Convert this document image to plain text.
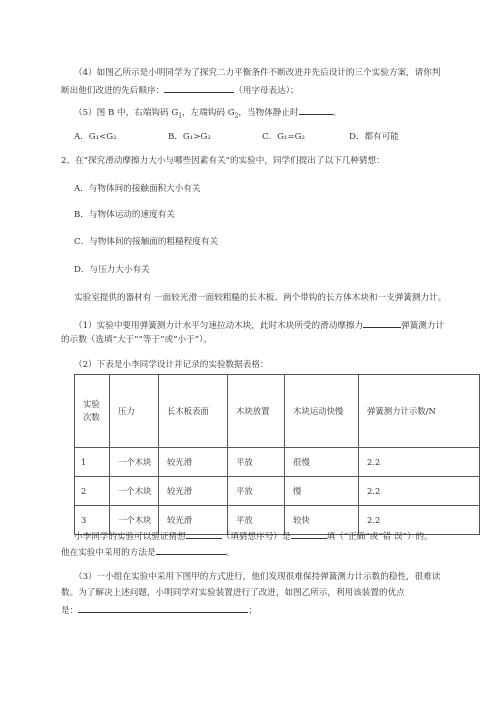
（4）如图乙所示是小明同学为了探究二力平衡条件不断改进并先后设计的三个实验方案，请你判
断出他们改进的先后顺序：	（用字母表达）；
（5）图 B 中，右端钩码 $G_1$，左端钩码 $G_2$，当物体静止时	。
A．G₁<G₂	B．G₁>G₂	C．G₁=G₂	D．都有可能
2、在“探究滑动摩擦力大小与哪些因素有关”的实验中，同学们提出了以下几种猜想：
A．与物体间的接触面积大小有关
B．与物体运动的速度有关
C．与物体间的接触面的粗糙程度有关
D．与压力大小有关
实验室提供的器材有 一面较光滑一面较粗糙的长木板、两个带钩的长方体木块和一支弹簧测力计。
（1）实验中要用弹簧测力计水平匀速拉动木块，此时木块所受的滑动摩擦力	弹簧测力计
的示数（选填“大于”“等于”或“小于”）。
（2）下表是小李同学设计并记录的实验数据表格：
实验
次数	压力	长木板表面	木块放置	木块运动快慢	弹簧测力计示数/N
1	一个木块	较光滑	平放	很慢	2.2
2	一个木块	较光滑	平放	慢	2.2
3	一个木块	较光滑	平放	较快	2.2
小李同学的实验可以验证猜想	（填猜想序号）是	填（“正确”或“错 误”）的。
他在实验中采用的方法是	。
（3）一小组在实验中采用下图甲的方式进行，他们发现很难保持弹簧测力计示数的稳性，很难读
数。为了解决上述问题，小明同学对实验装置进行了改进，如图乙所示，利用该装置的优点
是：	；
